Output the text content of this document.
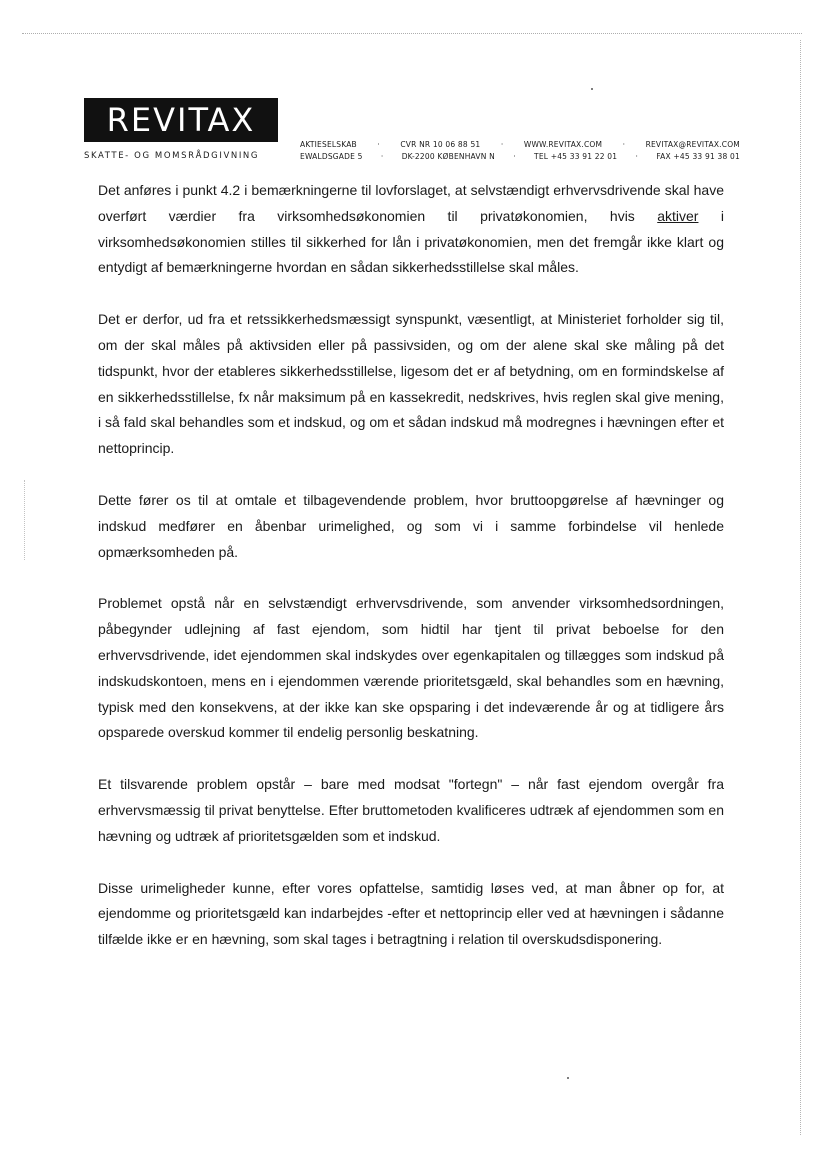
REVITAX
SKATTE- OG MOMSRÅDGIVNING
AKTIESELSKAB	·	CVR NR 10 06 88 51	·	WWW.REVITAX.COM	·	REVITAX@REVITAX.COM
EWALDSGADE 5 · DK-2200 KØBENHAVN N · TEL +45 33 91 22 01 · FAX +45 33 91 38 01

Det anføres i punkt 4.2 i bemærkningerne til lovforslaget, at selvstændigt erhvervsdrivende skal have overført værdier fra virksomhedsøkonomien til privatøkonomien, hvis aktiver i virksomhedsøkonomien stilles til sikkerhed for lån i privatøkonomien, men det fremgår ikke klart og entydigt af bemærkningerne hvordan en sådan sikkerhedsstillelse skal måles.

Det er derfor, ud fra et retssikkerhedsmæssigt synspunkt, væsentligt, at Ministeriet forholder sig til, om der skal måles på aktivsiden eller på passivsiden, og om der alene skal ske måling på det tidspunkt, hvor der etableres sikkerhedsstillelse, ligesom det er af betydning, om en formindskelse af en sikkerhedsstillelse, fx når maksimum på en kassekredit, nedskrives, hvis reglen skal give mening, i så fald skal behandles som et indskud, og om et sådan indskud må modregnes i hævningen efter et nettoprincip.

Dette fører os til at omtale et tilbagevendende problem, hvor bruttoopgørelse af hævninger og indskud medfører en åbenbar urimelighed, og som vi i samme forbindelse vil henlede opmærksomheden på.

Problemet opstå når en selvstændigt erhvervsdrivende, som anvender virksomhedsordningen, påbegynder udlejning af fast ejendom, som hidtil har tjent til privat beboelse for den erhvervsdrivende, idet ejendommen skal indskydes over egenkapitalen og tillægges som indskud på indskudskontoen, mens en i ejendommen værende prioritetsgæld, skal behandles som en hævning, typisk med den konsekvens, at der ikke kan ske opsparing i det indeværende år og at tidligere års opsparede overskud kommer til endelig personlig beskatning.

Et tilsvarende problem opstår – bare med modsat "fortegn" – når fast ejendom overgår fra erhvervsmæssig til privat benyttelse. Efter bruttometoden kvalificeres udtræk af ejendommen som en hævning og udtræk af prioritetsgælden som et indskud.

Disse urimeligheder kunne, efter vores opfattelse, samtidig løses ved, at man åbner op for, at ejendomme og prioritetsgæld kan indarbejdes -efter et nettoprincip eller ved at hævningen i sådanne tilfælde ikke er en hævning, som skal tages i betragtning i relation til overskudsdisponering.
